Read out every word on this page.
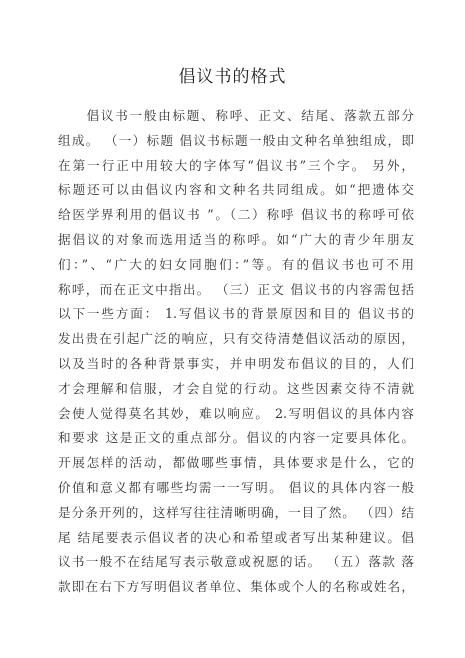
倡议书的格式
　　倡议书一般由标题、称呼、正文、结尾、落款五部分
组成。 （一）标题 倡议书标题一般由文种名单独组成，即
在第一行正中用较大的字体写“倡议书”三个字。 另外，
标题还可以由倡议内容和文种名共同组成。如“把遗体交
给医学界利用的倡议书 ”。（二）称呼 倡议书的称呼可依
据倡议的对象而选用适当的称呼。如“广大的青少年朋友
们：”、“广大的妇女同胞们：”等。有的倡议书也可不用
称呼，而在正文中指出。 （三）正文 倡议书的内容需包括
以下一些方面： 1.写倡议书的背景原因和目的 倡议书的
发出贵在引起广泛的响应，只有交待清楚倡议活动的原因，
以及当时的各种背景事实，并申明发布倡议的目的，人们
才会理解和信服，才会自觉的行动。这些因素交待不清就
会使人觉得莫名其妙，难以响应。 2.写明倡议的具体内容
和要求 这是正文的重点部分。倡议的内容一定要具体化。
开展怎样的活动，都做哪些事情，具体要求是什么，它的
价值和意义都有哪些均需一一写明。 倡议的具体内容一般
是分条开列的，这样写往往清晰明确，一目了然。 （四）结
尾 结尾要表示倡议者的决心和希望或者写出某种建议。倡
议书一般不在结尾写表示敬意或祝愿的话。 （五）落款 落
款即在右下方写明倡议者单位、集体或个人的名称或姓名，
